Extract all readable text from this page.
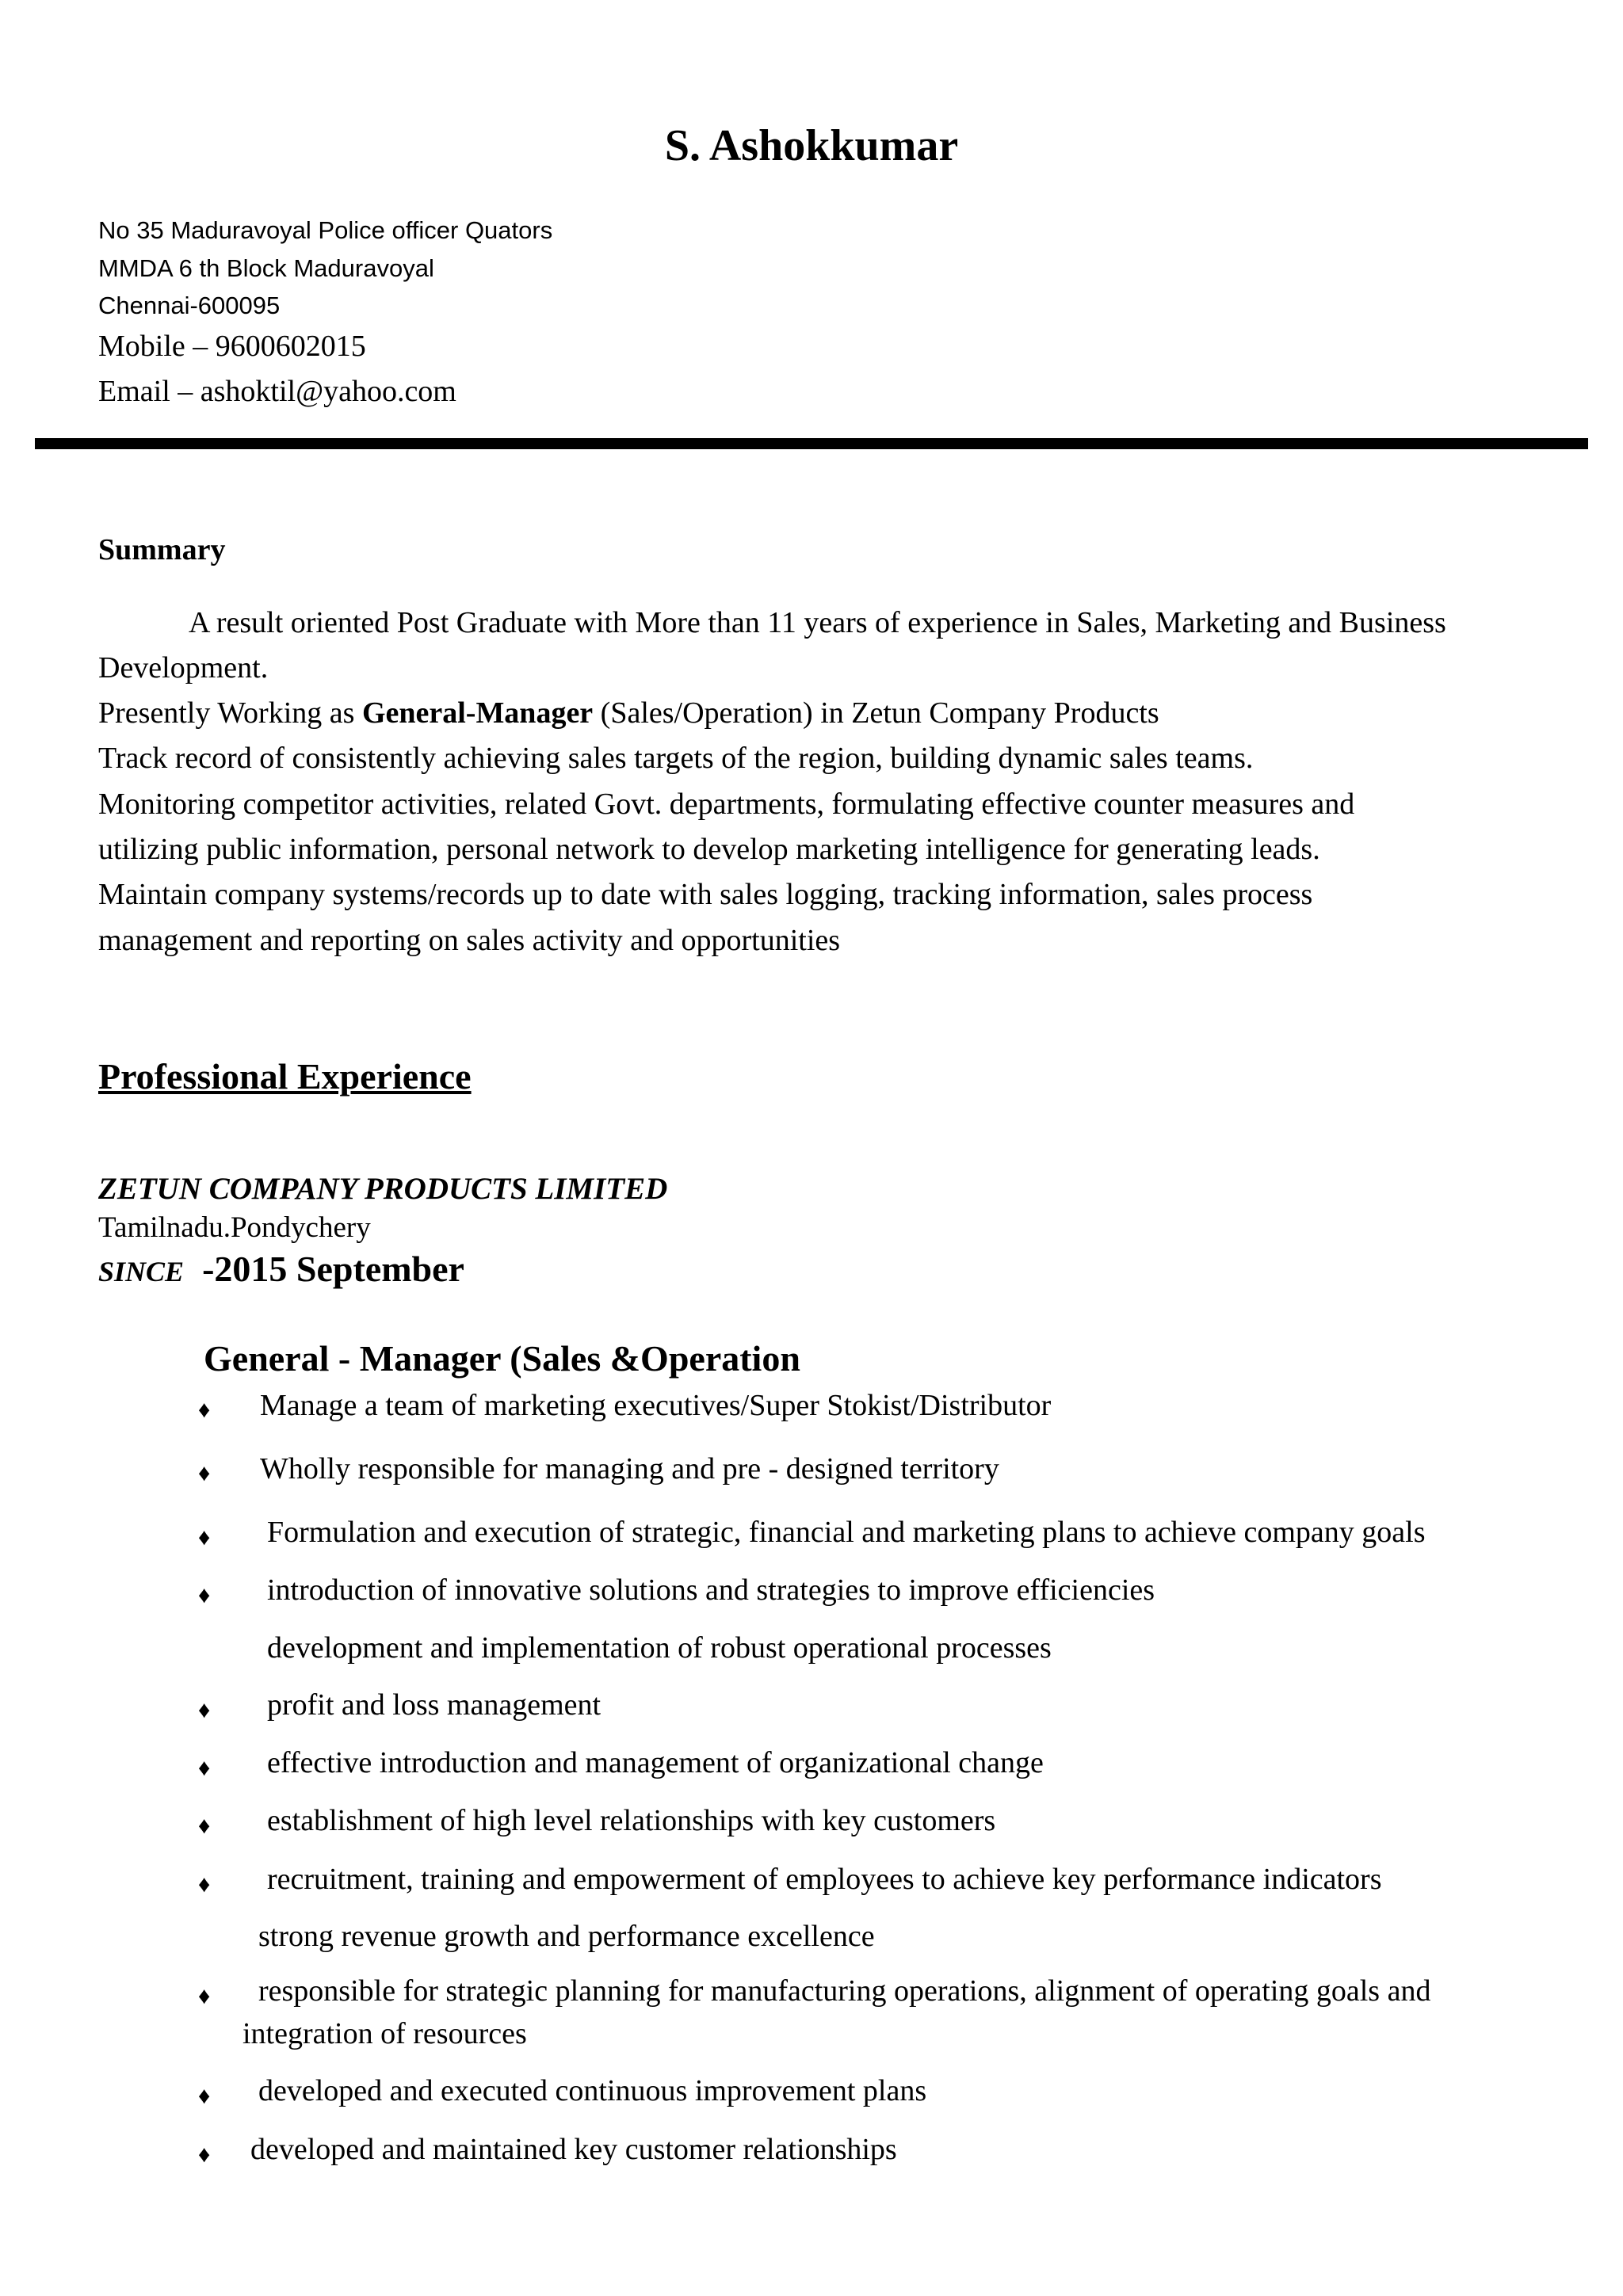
S. Ashokkumar
No 35 Maduravoyal Police officer Quators
MMDA 6 th Block Maduravoyal
Chennai-600095
Mobile – 9600602015
Email – ashoktil@yahoo.com
Summary
A result oriented Post Graduate with More than 11 years of experience in Sales, Marketing and Business
Development.
Presently Working as General-Manager (Sales/Operation) in Zetun Company Products
Track record of consistently achieving sales targets of the region, building dynamic sales teams.
Monitoring competitor activities, related Govt. departments, formulating effective counter measures and
utilizing public information, personal network to develop marketing intelligence for generating leads.
Maintain company systems/records up to date with sales logging, tracking information, sales process
management and reporting on sales activity and opportunities
Professional Experience
ZETUN COMPANY PRODUCTS LIMITED
Tamilnadu.Pondychery
SINCE -2015 September
General - Manager (Sales &Operation
♦ Manage a team of marketing executives/Super Stokist/Distributor
♦ Wholly responsible for managing and pre - designed territory
♦ Formulation and execution of strategic, financial and marketing plans to achieve company goals
♦ introduction of innovative solutions and strategies to improve efficiencies
development and implementation of robust operational processes
♦ profit and loss management
♦ effective introduction and management of organizational change
♦ establishment of high level relationships with key customers
♦ recruitment, training and empowerment of employees to achieve key performance indicators
strong revenue growth and performance excellence
♦ responsible for strategic planning for manufacturing operations, alignment of operating goals and
integration of resources
♦ developed and executed continuous improvement plans
♦ developed and maintained key customer relationships
